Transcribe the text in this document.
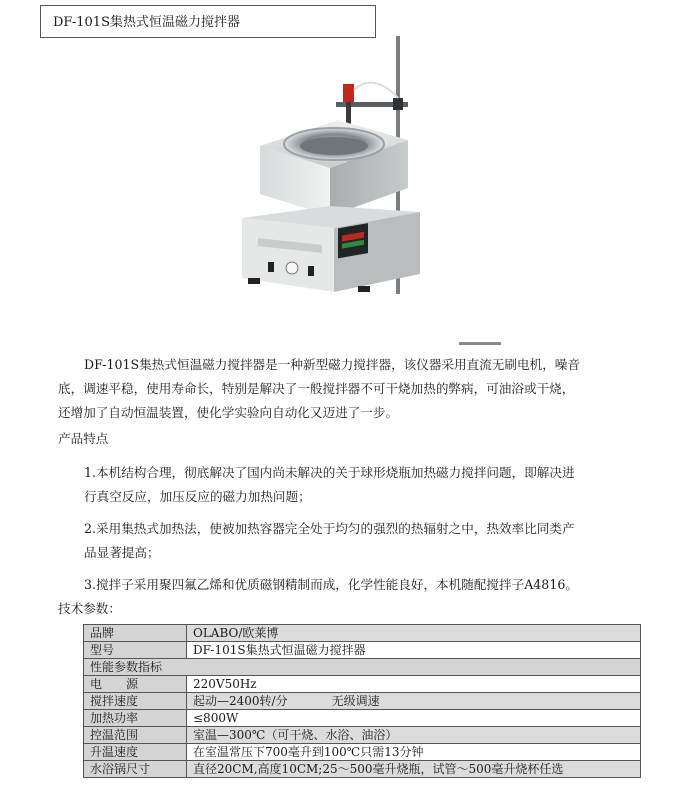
DF-101S集热式恒温磁力搅拌器

DF-101S集热式恒温磁力搅拌器是一种新型磁力搅拌器，该仪器采用直流无刷电机，噪音

底，调速平稳，使用寿命长，特别是解决了一般搅拌器不可干烧加热的弊病，可油浴或干烧，

还增加了自动恒温装置，使化学实验向自动化又迈进了一步。

产品特点

1.本机结构合理，彻底解决了国内尚未解决的关于球形烧瓶加热磁力搅拌问题，即解决进

行真空反应，加压反应的磁力加热问题；

2.采用集热式加热法，使被加热容器完全处于均匀的强烈的热辐射之中，热效率比同类产

品显著提高；

3.搅拌子采用聚四氟乙烯和优质磁钢精制而成，化学性能良好，本机随配搅拌子A4816。

技术参数：

品牌	OLABO/欧莱博
型号	DF-101S集热式恒温磁力搅拌器
性能参数指标	
电　　源	220V50Hz
搅拌速度	起动—2400转/分 无级调速
加热功率	≤800W
控温范围	室温—300℃（可干烧、水浴、油浴）
升温速度	在室温常压下700毫升到100℃只需13分钟
水浴锅尺寸	直径20CM,高度10CM;25～500毫升烧瓶，试管～500毫升烧杯任选
